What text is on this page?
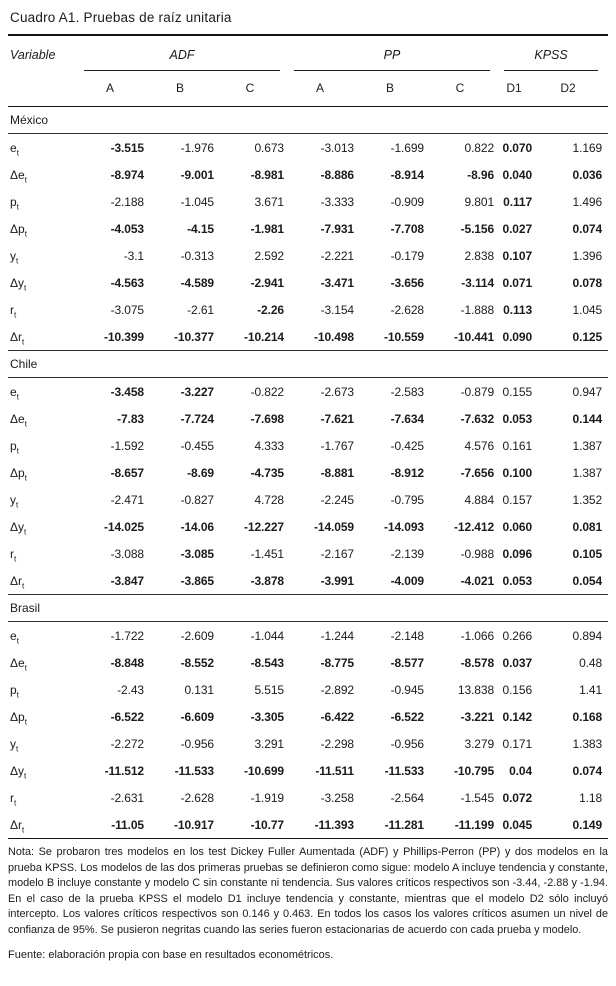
Cuadro A1. Pruebas de raíz unitaria
Variable	ADF			PP			KPSS	

	A	B	C	A	B	C	D1	D2
México								
$e_t$	-3.515	-1.976	0.673	-3.013	-1.699	0.822	0.070	1.169
$\Delta e_t$	-8.974	-9.001	-8.981	-8.886	-8.914	-8.96	0.040	0.036
$p_t$	-2.188	-1.045	3.671	-3.333	-0.909	9.801	0.117	1.496
$\Delta p_t$	-4.053	-4.15	-1.981	-7.931	-7.708	-5.156	0.027	0.074
$y_t$	-3.1	-0.313	2.592	-2.221	-0.179	2.838	0.107	1.396
$\Delta y_t$	-4.563	-4.589	-2.941	-3.471	-3.656	-3.114	0.071	0.078
$r_t$	-3.075	-2.61	-2.26	-3.154	-2.628	-1.888	0.113	1.045
$\Delta r_t$	-10.399	-10.377	-10.214	-10.498	-10.559	-10.441	0.090	0.125
Chile								
$e_t$	-3.458	-3.227	-0.822	-2.673	-2.583	-0.879	0.155	0.947
$\Delta e_t$	-7.83	-7.724	-7.698	-7.621	-7.634	-7.632	0.053	0.144
$p_t$	-1.592	-0.455	4.333	-1.767	-0.425	4.576	0.161	1.387
$\Delta p_t$	-8.657	-8.69	-4.735	-8.881	-8.912	-7.656	0.100	1.387
$y_t$	-2.471	-0.827	4.728	-2.245	-0.795	4.884	0.157	1.352
$\Delta y_t$	-14.025	-14.06	-12.227	-14.059	-14.093	-12.412	0.060	0.081
$r_t$	-3.088	-3.085	-1.451	-2.167	-2.139	-0.988	0.096	0.105
$\Delta r_t$	-3.847	-3.865	-3.878	-3.991	-4.009	-4.021	0.053	0.054
Brasil								
$e_t$	-1.722	-2.609	-1.044	-1.244	-2.148	-1.066	0.266	0.894
$\Delta e_t$	-8.848	-8.552	-8.543	-8.775	-8.577	-8.578	0.037	0.48
$p_t$	-2.43	0.131	5.515	-2.892	-0.945	13.838	0.156	1.41
$\Delta p_t$	-6.522	-6.609	-3.305	-6.422	-6.522	-3.221	0.142	0.168
$y_t$	-2.272	-0.956	3.291	-2.298	-0.956	3.279	0.171	1.383
$\Delta y_t$	-11.512	-11.533	-10.699	-11.511	-11.533	-10.795	0.04	0.074
$r_t$	-2.631	-2.628	-1.919	-3.258	-2.564	-1.545	0.072	1.18
$\Delta r_t$	-11.05	-10.917	-10.77	-11.393	-11.281	-11.199	0.045	0.149

Nota: Se probaron tres modelos en los test Dickey Fuller Aumentada (ADF) y Phillips-Perron (PP) y dos modelos en la prueba KPSS. Los modelos de las dos primeras pruebas se definieron como sigue: modelo A incluye tendencia y constante, modelo B incluye constante y modelo C sin constante ni tendencia. Sus valores críticos respectivos son -3.44, -2.88 y -1.94. En el caso de la prueba KPSS el modelo D1 incluye tendencia y constante, mientras que el modelo D2 sólo incluyó intercepto. Los valores críticos respectivos son 0.146 y 0.463. En todos los casos los valores críticos asumen un nivel de confianza de 95%. Se pusieron negritas cuando las series fueron estacionarias de acuerdo con cada prueba y modelo.

Fuente: elaboración propia con base en resultados econométricos.
